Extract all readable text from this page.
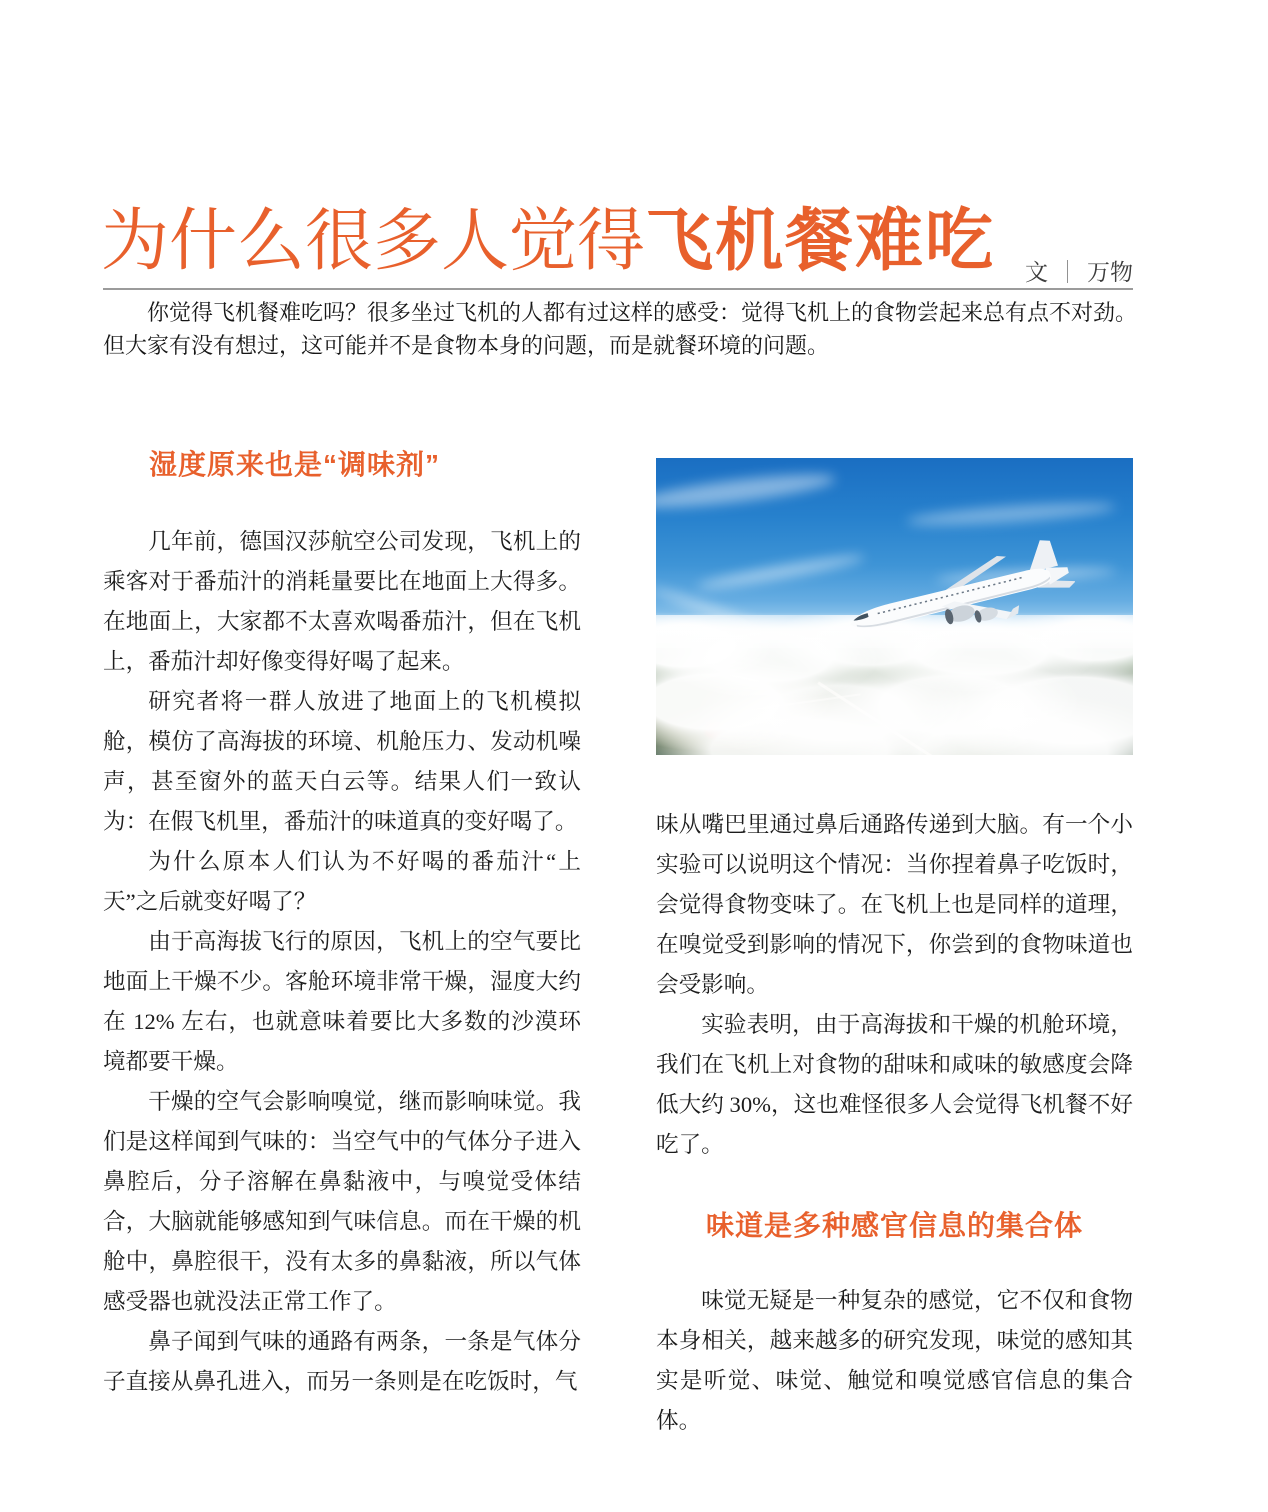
为什么很多人觉得飞机餐难吃	文 ｜ 万物

你觉得飞机餐难吃吗？很多坐过飞机的人都有过这样的感受：觉得飞机上的食物尝起来总有点不对劲。但大家有没有想过，这可能并不是食物本身的问题，而是就餐环境的问题。

湿度原来也是“调味剂”

几年前，德国汉莎航空公司发现，飞机上的乘客对于番茄汁的消耗量要比在地面上大得多。在地面上，大家都不太喜欢喝番茄汁，但在飞机上，番茄汁却好像变得好喝了起来。

研究者将一群人放进了地面上的飞机模拟舱，模仿了高海拔的环境、机舱压力、发动机噪声，甚至窗外的蓝天白云等。结果人们一致认为：在假飞机里，番茄汁的味道真的变好喝了。

为什么原本人们认为不好喝的番茄汁“上天”之后就变好喝了？

由于高海拔飞行的原因，飞机上的空气要比地面上干燥不少。客舱环境非常干燥，湿度大约在 12% 左右，也就意味着要比大多数的沙漠环境都要干燥。

干燥的空气会影响嗅觉，继而影响味觉。我们是这样闻到气味的：当空气中的气体分子进入鼻腔后，分子溶解在鼻黏液中，与嗅觉受体结合，大脑就能够感知到气味信息。而在干燥的机舱中，鼻腔很干，没有太多的鼻黏液，所以气体感受器也就没法正常工作了。

鼻子闻到气味的通路有两条，一条是气体分子直接从鼻孔进入，而另一条则是在吃饭时，气

味从嘴巴里通过鼻后通路传递到大脑。有一个小实验可以说明这个情况：当你捏着鼻子吃饭时，会觉得食物变味了。在飞机上也是同样的道理，在嗅觉受到影响的情况下，你尝到的食物味道也会受影响。

实验表明，由于高海拔和干燥的机舱环境，我们在飞机上对食物的甜味和咸味的敏感度会降低大约 30%，这也难怪很多人会觉得飞机餐不好吃了。

味道是多种感官信息的集合体

味觉无疑是一种复杂的感觉，它不仅和食物本身相关，越来越多的研究发现，味觉的感知其实是听觉、味觉、触觉和嗅觉感官信息的集合体。
